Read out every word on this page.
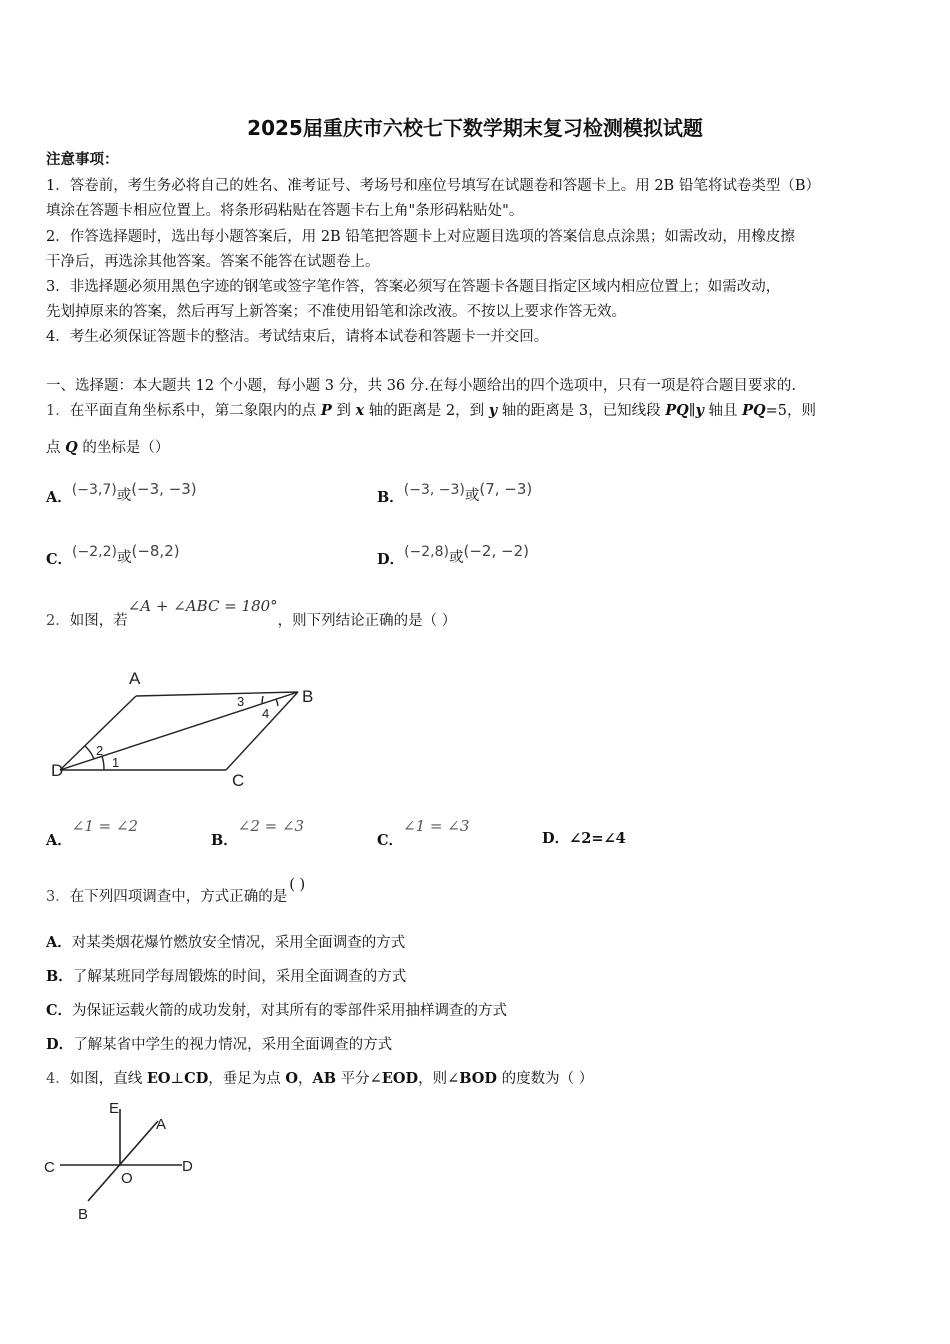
2025届重庆市六校七下数学期末复习检测模拟试题
注意事项：
1．答卷前，考生务必将自己的姓名、准考证号、考场号和座位号填写在试题卷和答题卡上。用 2B 铅笔将试卷类型（B）
填涂在答题卡相应位置上。将条形码粘贴在答题卡右上角"条形码粘贴处"。
2．作答选择题时，选出每小题答案后，用 2B 铅笔把答题卡上对应题目选项的答案信息点涂黑；如需改动，用橡皮擦
干净后，再选涂其他答案。答案不能答在试题卷上。
3．非选择题必须用黑色字迹的钢笔或签字笔作答，答案必须写在答题卡各题目指定区域内相应位置上；如需改动，
先划掉原来的答案，然后再写上新答案；不准使用铅笔和涂改液。不按以上要求作答无效。
4．考生必须保证答题卡的整洁。考试结束后，请将本试卷和答题卡一并交回。
一、选择题：本大题共 12 个小题，每小题 3 分，共 36 分.在每小题给出的四个选项中，只有一项是符合题目要求的.
1．在平面直角坐标系中，第二象限内的点 P 到 x 轴的距离是 2，到 y 轴的距离是 3，已知线段 PQ∥y 轴且 PQ=5，则
点 Q 的坐标是（）
A．(−3,7)或(−3, −3)	B．(−3, −3)或(7, −3)
C．(−2,2)或(−8,2)	D．(−2,8)或(−2, −2)
2．如图，若∠A + ∠ABC = 180°，则下列结论正确的是（ ）
A
B
C
D	1
2
3
4
A．∠1 = ∠2
B．∠2 = ∠3
C．∠1 = ∠3
D．∠2=∠4
3．在下列四项调查中，方式正确的是( )
A．对某类烟花爆竹燃放安全情况，采用全面调查的方式
B．了解某班同学每周锻炼的时间，采用全面调查的方式
C．为保证运载火箭的成功发射，对其所有的零部件采用抽样调查的方式
D．了解某省中学生的视力情况，采用全面调查的方式
4．如图，直线 EO⊥CD，垂足为点 O，AB 平分∠EOD，则∠BOD 的度数为（ ）
E
A
C	D
O
B
